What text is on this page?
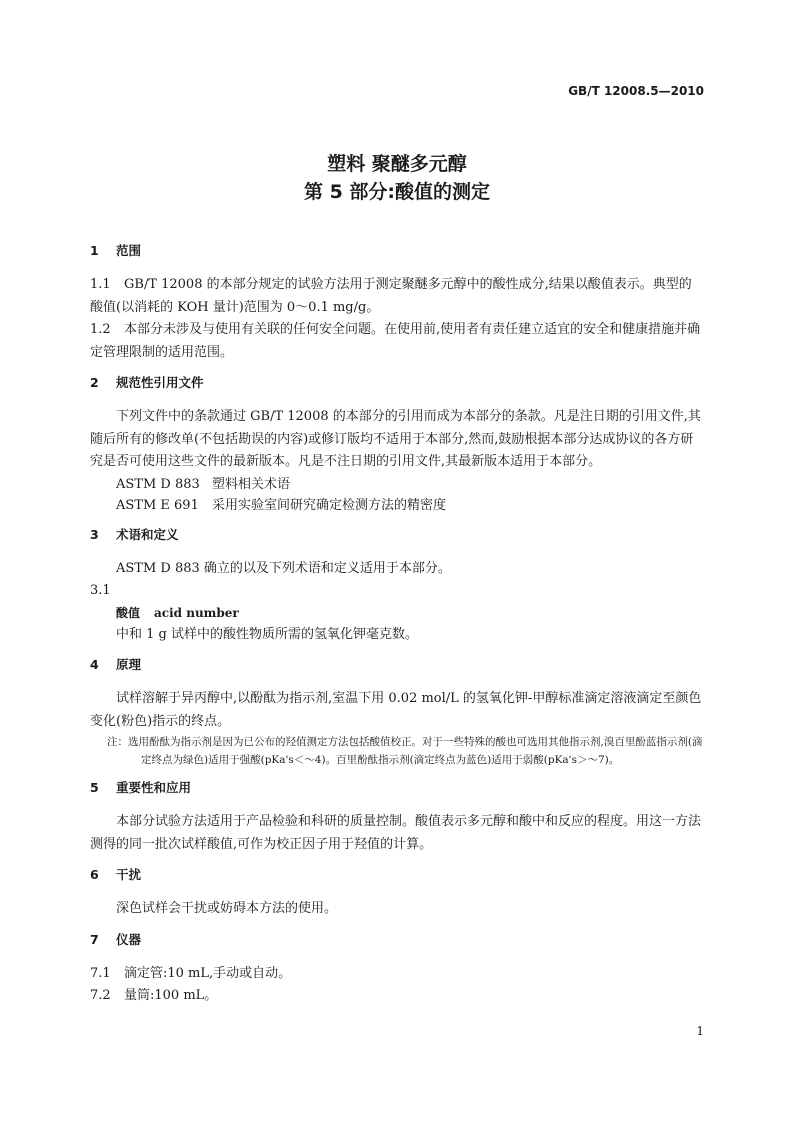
GB/T 12008.5—2010
塑料 聚醚多元醇
第 5 部分:酸值的测定
1 范围

1.1 GB/T 12008 的本部分规定的试验方法用于测定聚醚多元醇中的酸性成分,结果以酸值表示。典型的酸值(以消耗的 KOH 量计)范围为 0～0.1 mg/g。

1.2 本部分未涉及与使用有关联的任何安全问题。在使用前,使用者有责任建立适宜的安全和健康措施并确定管理限制的适用范围。

2 规范性引用文件

下列文件中的条款通过 GB/T 12008 的本部分的引用而成为本部分的条款。凡是注日期的引用文件,其随后所有的修改单(不包括勘误的内容)或修订版均不适用于本部分,然而,鼓励根据本部分达成协议的各方研究是否可使用这些文件的最新版本。凡是不注日期的引用文件,其最新版本适用于本部分。

ASTM D 883 塑料相关术语
ASTM E 691 采用实验室间研究确定检测方法的精密度
3 术语和定义

ASTM D 883 确立的以及下列术语和定义适用于本部分。

3.1

酸值 acid number

中和 1 g 试样中的酸性物质所需的氢氧化钾毫克数。

4 原理

试样溶解于异丙醇中,以酚酞为指示剂,室温下用 0.02 mol/L 的氢氧化钾-甲醇标准滴定溶液滴定至颜色变化(粉色)指示的终点。

注：选用酚酞为指示剂是因为已公布的羟值测定方法包括酸值校正。对于一些特殊的酸也可选用其他指示剂,溴百里酚蓝指示剂(滴定终点为绿色)适用于强酸(pKa's＜～4)。百里酚酞指示剂(滴定终点为蓝色)适用于弱酸(pKa's＞～7)。

5 重要性和应用

本部分试验方法适用于产品检验和科研的质量控制。酸值表示多元醇和酸中和反应的程度。用这一方法测得的同一批次试样酸值,可作为校正因子用于羟值的计算。

6 干扰

深色试样会干扰或妨碍本方法的使用。

7 仪器

7.1 滴定管:10 mL,手动或自动。

7.2 量筒:100 mL。

1
